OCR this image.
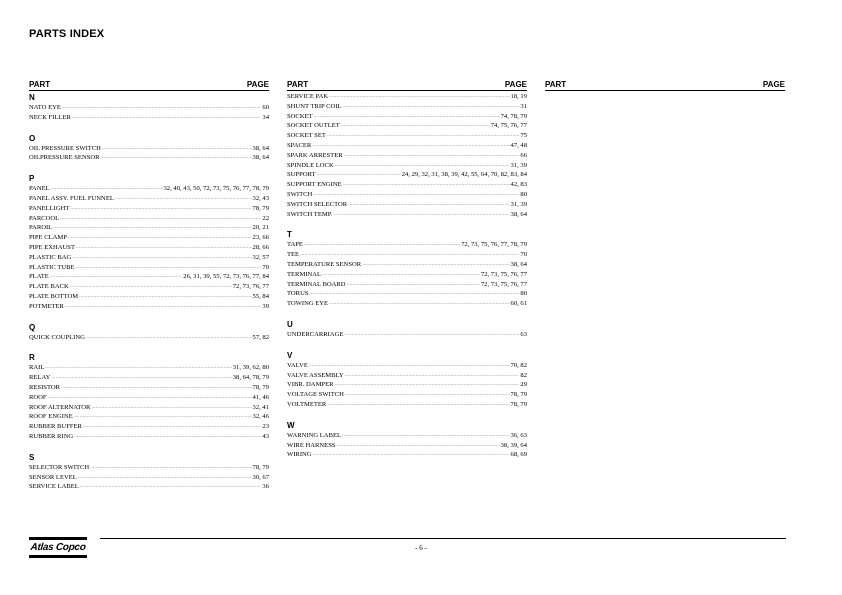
PARTS INDEX
PART	PAGE
N
NATO EYE .....	60
NECK FILLER .....	34
O
OIL PRESSURE SWITCH .....	38, 64
OILPRESSURE SENSOR .....	38, 64
P
PANEL .....	32, 40, 43, 50, 72, 73, 75, 76, 77, 78, 79
PANEL ASSY. FUEL FUNNEL .....	32, 43
PANELLIGHT .....	78, 79
PARCOOL .....	22
PAROIL .....	20, 21
PIPE CLAMP .....	23, 66
PIPE EXHAUST .....	28, 66
PLASTIC BAG .....	32, 57
PLASTIC TUBE .....	70
PLATE .....	26, 31, 39, 55, 72, 73, 76, 77, 84
PLATE BACK .....	72, 73, 76, 77
PLATE BOTTOM .....	55, 84
POTMETER .....	39
Q
QUICK COUPLING .....	57, 82
R
RAIL .....	31, 39, 62, 80
RELAY .....	38, 64, 78, 79
RESISTOR .....	78, 79
ROOF .....	41, 46
ROOF ALTERNATOR .....	32, 41
ROOF ENGINE .....	32, 46
RUBBER BUFFER .....	23
RUBBER RING .....	43
S
SELECTOR SWITCH .....	78, 79
SENSOR LEVEL .....	30, 67
SERVICE LABEL .....	36
PART	PAGE
SERVICE PAK .....	18, 19
SHUNT TRIP COIL .....	31
SOCKET .....	74, 78, 79
SOCKET OUTLET .....	74, 75, 76, 77
SOCKET SET .....	75
SPACER .....	47, 48
SPARK ARRESTER .....	66
SPINDLE LOCK .....	31, 39
SUPPORT .....	24, 29, 32, 31, 38, 39, 42, 55, 64, 70, 82, 83, 84
SUPPORT ENGINE .....	42, 83
SWITCH .....	80
SWITCH SELECTOR .....	31, 39
SWITCH TEMP. .....	38, 64
T
TAPE .....	72, 73, 75, 76, 77, 78, 79
TEE .....	70
TEMPERATURE SENSOR .....	38, 64
TERMINAL .....	72, 73, 75, 76, 77
TERMINAL BOARD .....	72, 73, 75, 76, 77
TORUS .....	80
TOWING EYE .....	60, 61
U
UNDERCARRIAGE .....	63
V
VALVE .....	70, 82
VALVE ASSEMBLY .....	82
VIBR. DAMPER .....	29
VOLTAGE SWITCH .....	78, 79
VOLTMETER .....	78, 79
W
WARNING LABEL .....	36, 63
WIRE HARNESS .....	38, 39, 64
WIRING .....	68, 69
PART	PAGE
Atlas Copco	- 6 -
